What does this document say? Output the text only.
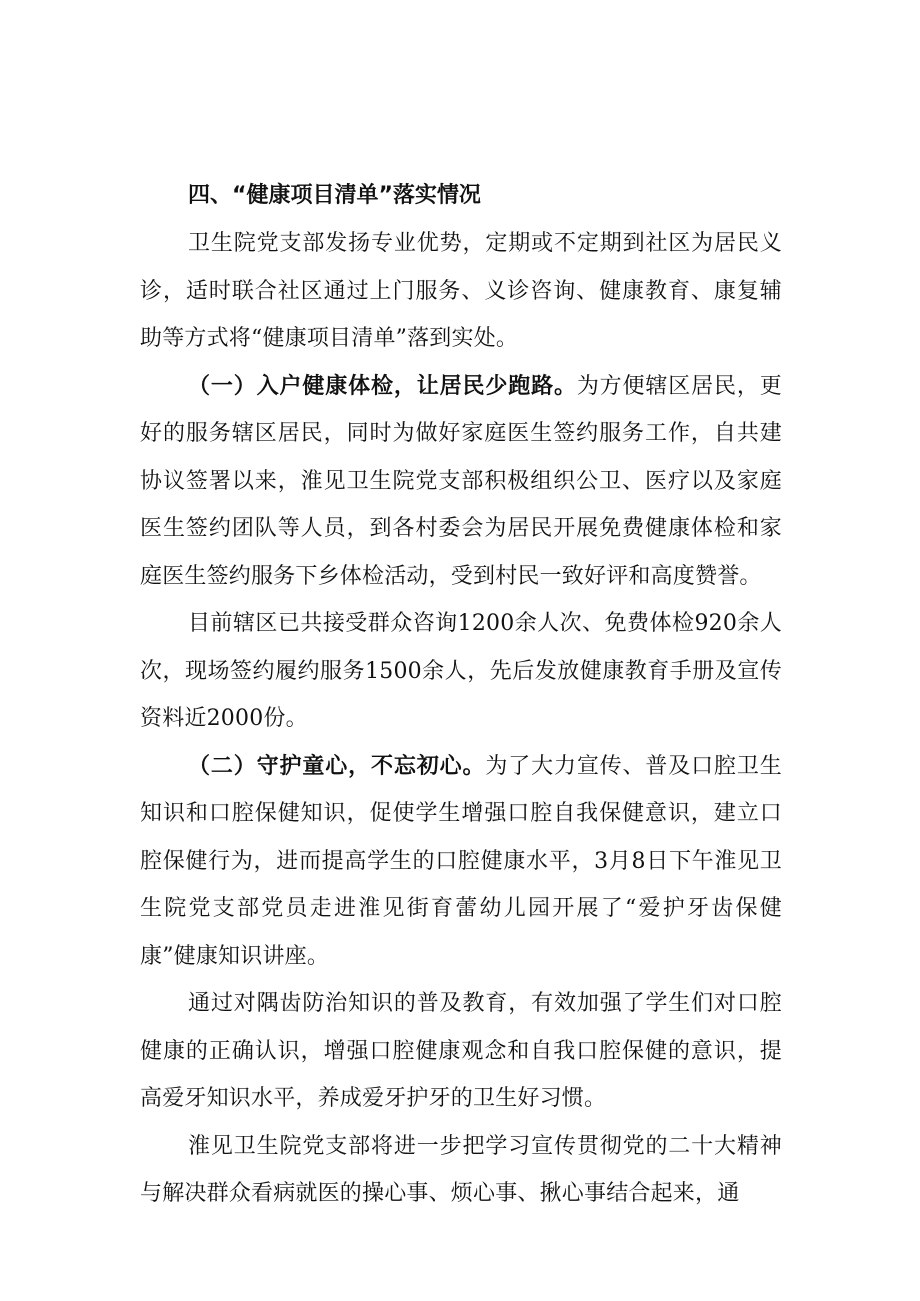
四、“健康项目清单”落实情况

卫生院党支部发扬专业优势，定期或不定期到社区为居民义诊，适时联合社区通过上门服务、义诊咨询、健康教育、康复辅助等方式将“健康项目清单”落到实处。

（一）入户健康体检，让居民少跑路。为方便辖区居民，更好的服务辖区居民，同时为做好家庭医生签约服务工作，自共建协议签署以来，淮见卫生院党支部积极组织公卫、医疗以及家庭医生签约团队等人员，到各村委会为居民开展免费健康体检和家庭医生签约服务下乡体检活动，受到村民一致好评和高度赞誉。

目前辖区已共接受群众咨询1200余人次、免费体检920余人次，现场签约履约服务1500余人，先后发放健康教育手册及宣传资料近2000份。

（二）守护童心，不忘初心。为了大力宣传、普及口腔卫生知识和口腔保健知识，促使学生增强口腔自我保健意识，建立口腔保健行为，进而提高学生的口腔健康水平，3月8日下午淮见卫生院党支部党员走进淮见街育蕾幼儿园开展了“爱护牙齿保健康”健康知识讲座。

通过对隅齿防治知识的普及教育，有效加强了学生们对口腔健康的正确认识，增强口腔健康观念和自我口腔保健的意识，提高爱牙知识水平，养成爱牙护牙的卫生好习惯。

淮见卫生院党支部将进一步把学习宣传贯彻党的二十大精神与解决群众看病就医的操心事、烦心事、揪心事结合起来，通
